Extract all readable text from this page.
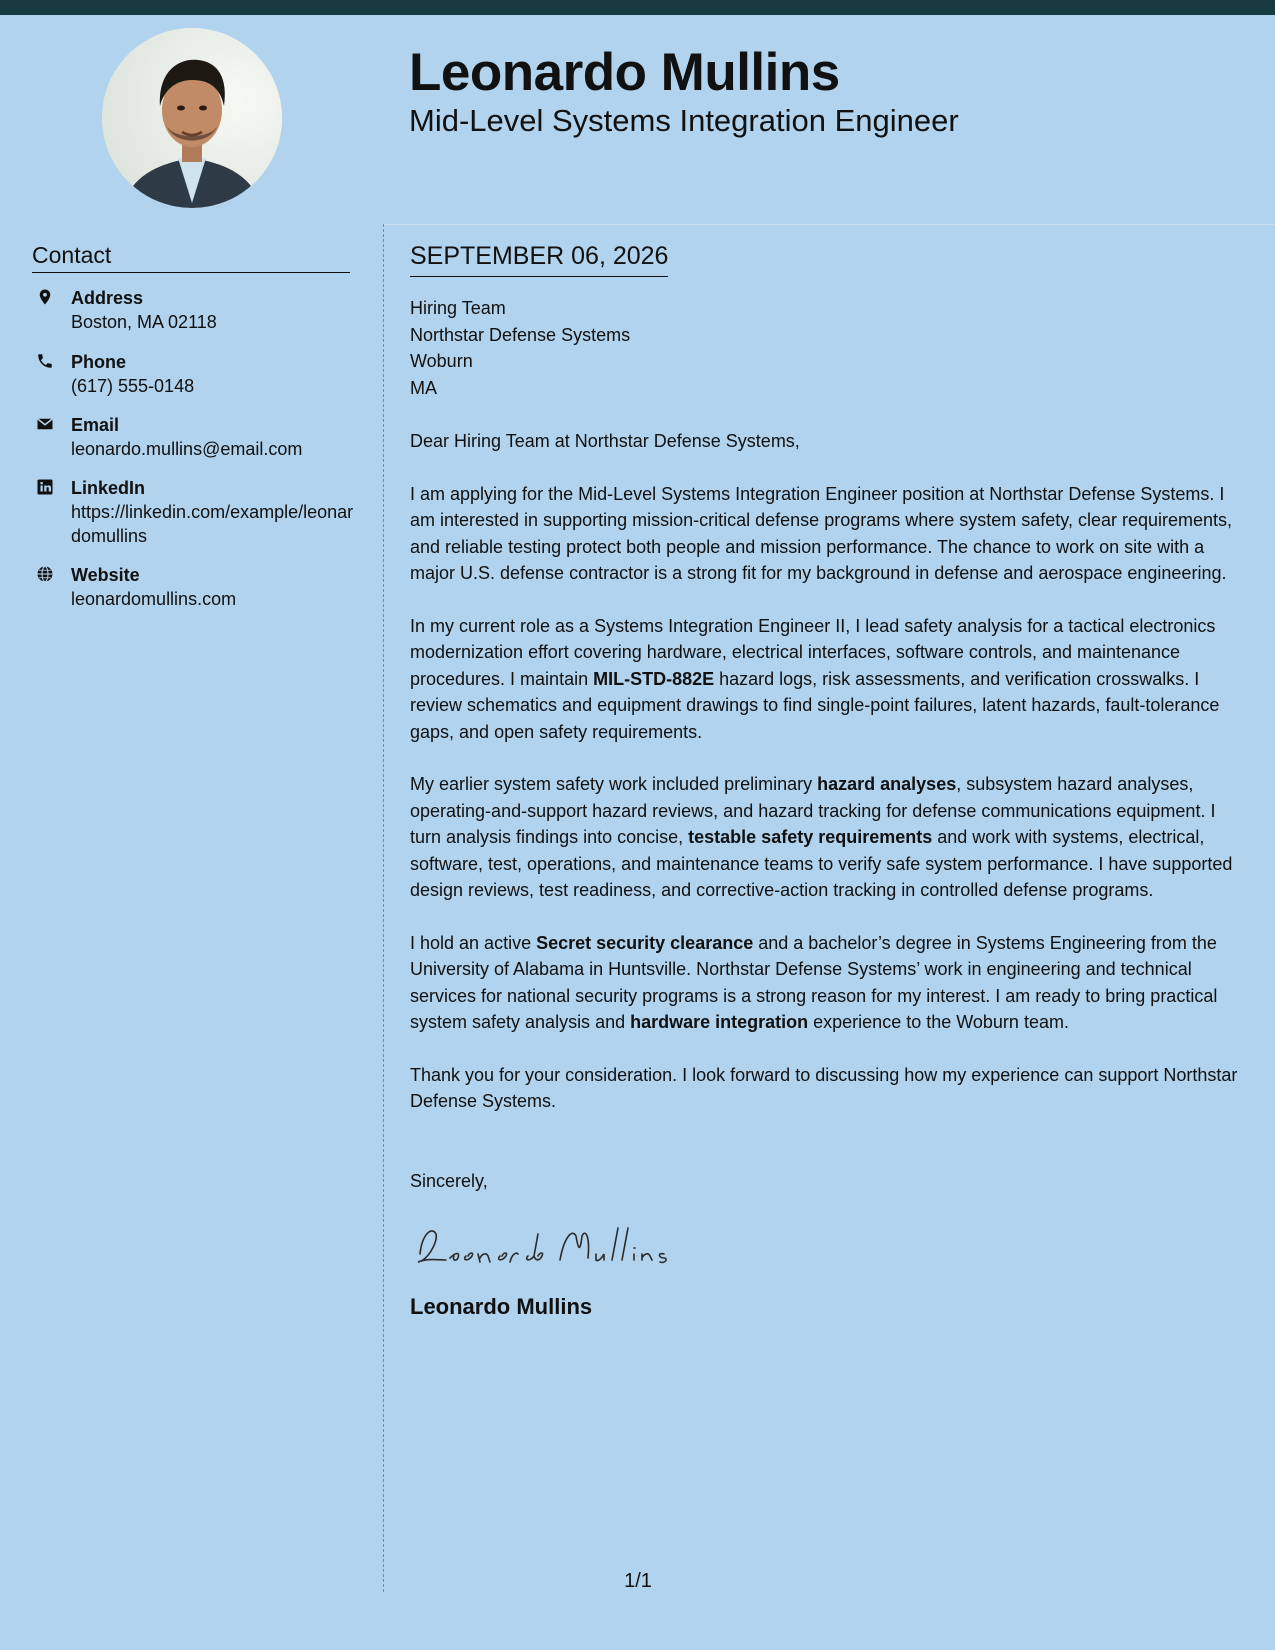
Leonardo Mullins
Mid-Level Systems Integration Engineer
Contact
Address
Boston, MA 02118
Phone
(617) 555-0148
Email
leonardo.mullins@email.com
LinkedIn
https://linkedin.com/example/leonardomullins
Website
leonardomullins.com
SEPTEMBER 06, 2026
Hiring Team
Northstar Defense Systems
Woburn
MA
Dear Hiring Team at Northstar Defense Systems,
I am applying for the Mid-Level Systems Integration Engineer position at Northstar Defense Systems. I am interested in supporting mission-critical defense programs where system safety, clear requirements, and reliable testing protect both people and mission performance. The chance to work on site with a major U.S. defense contractor is a strong fit for my background in defense and aerospace engineering.
In my current role as a Systems Integration Engineer II, I lead safety analysis for a tactical electronics modernization effort covering hardware, electrical interfaces, software controls, and maintenance procedures. I maintain MIL-STD-882E hazard logs, risk assessments, and verification crosswalks. I review schematics and equipment drawings to find single-point failures, latent hazards, fault-tolerance gaps, and open safety requirements.
My earlier system safety work included preliminary hazard analyses, subsystem hazard analyses, operating-and-support hazard reviews, and hazard tracking for defense communications equipment. I turn analysis findings into concise, testable safety requirements and work with systems, electrical, software, test, operations, and maintenance teams to verify safe system performance. I have supported design reviews, test readiness, and corrective-action tracking in controlled defense programs.
I hold an active Secret security clearance and a bachelor’s degree in Systems Engineering from the University of Alabama in Huntsville. Northstar Defense Systems’ work in engineering and technical services for national security programs is a strong reason for my interest. I am ready to bring practical system safety analysis and hardware integration experience to the Woburn team.
Thank you for your consideration. I look forward to discussing how my experience can support Northstar Defense Systems.
Sincerely,
Leonardo Mullins
1/1
